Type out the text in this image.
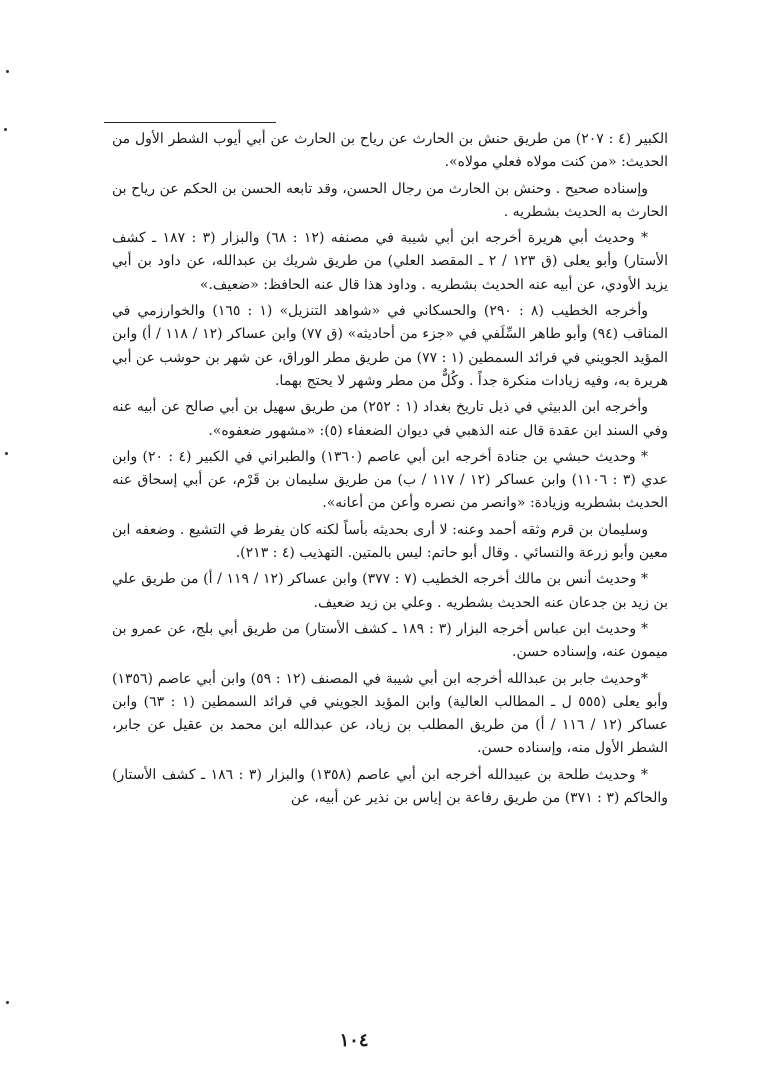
الكبير (٤ : ٢٠٧) من طريق حنش بن الحارث عن رياح بن الحارث عن أبي أيوب الشطر الأول من الحديث: «من كنت مولاه فعلي مولاه».

وإسناده صحيح . وحنش بن الحارث من رجال الحسن، وقد تابعه الحسن بن الحكم عن رياح بن الحارث به الحديث بشطريه .

* وحديث أبي هريرة أخرجه ابن أبي شيبة في مصنفه (١٢ : ٦٨) والبزار (٣ : ١٨٧ ـ كشف الأستار) وأبو يعلى (ق ١٢٣ / ٢ ـ المقصد العلي) من طريق شريك بن عبدالله، عن داود بن أبي يزيد الأودي، عن أبيه عنه الحديث بشطريه . وداود هذا قال عنه الحافظ: «ضعيف.»

وأخرجه الخطيب (٨ : ٢٩٠) والحسكاني في «شواهد التنزيل» (١ : ١٦٥) والخوارزمي في المناقب (٩٤) وأبو طاهر السِّلَفي في «جزء من أحاديثه» (ق ٧٧) وابن عساكر (١٢ / ١١٨ / أ) وابن المؤيد الجويني في فرائد السمطين (١ : ٧٧) من طريق مطر الوراق، عن شهر بن حوشب عن أبي هريرة به، وفيه زيادات منكرة جداً . وكُلٌّ من مطر وشهر لا يحتج بهما.

وأخرجه ابن الدبيثي في ذيل تاريخ بغداد (١ : ٢٥٢) من طريق سهيل بن أبي صالح عن أبيه عنه وفي السند ابن عقدة قال عنه الذهبي في ديوان الضعفاء (٥): «مشهور ضعفوه».

* وحديث حبشي بن جنادة أخرجه ابن أبي عاصم (١٣٦٠) والطبراني في الكبير (٤ : ٢٠) وابن عدي (٣ : ١١٠٦) وابن عساكر (١٢ / ١١٧ / ب) من طريق سليمان بن قَرْم، عن أبي إسحاق عنه الحديث بشطريه وزيادة: «وانصر من نصره وأعن من أعانه».

وسليمان بن قرم وثقه أحمد وعنه: لا أرى بحديثه بأساً لكنه كان يفرط في التشيع . وضعفه ابن معين وأبو زرعة والنسائي . وقال أبو حاتم: ليس بالمتين. التهذيب (٤ : ٢١٣).

* وحديث أنس بن مالك أخرجه الخطيب (٧ : ٣٧٧) وابن عساكر (١٢ / ١١٩ / أ) من طريق علي بن زيد بن جدعان عنه الحديث بشطريه . وعلي بن زيد ضعيف.

* وحديث ابن عباس أخرجه البزار (٣ : ١٨٩ ـ كشف الأستار) من طريق أبي بلج، عن عمرو بن ميمون عنه، وإسناده حسن.

*وحديث جابر بن عبدالله أخرجه ابن أبي شيبة في المصنف (١٢ : ٥٩) وابن أبي عاصم (١٣٥٦) وأبو يعلى (٥٥٥ ل ـ المطالب العالية) وابن المؤيد الجويني في فرائد السمطين (١ : ٦٣) وابن عساكر (١٢ / ١١٦ / أ) من طريق المطلب بن زياد، عن عبدالله ابن محمد بن عقيل عن جابر، الشطر الأول منه، وإسناده حسن.

* وحديث طلحة بن عبيدالله أخرجه ابن أبي عاصم (١٣٥٨) والبزار (٣ : ١٨٦ ـ كشف الأستار) والحاكم (٣ : ٣٧١) من طريق رفاعة بن إياس بن نذير عن أبيه، عن

١٠٤
